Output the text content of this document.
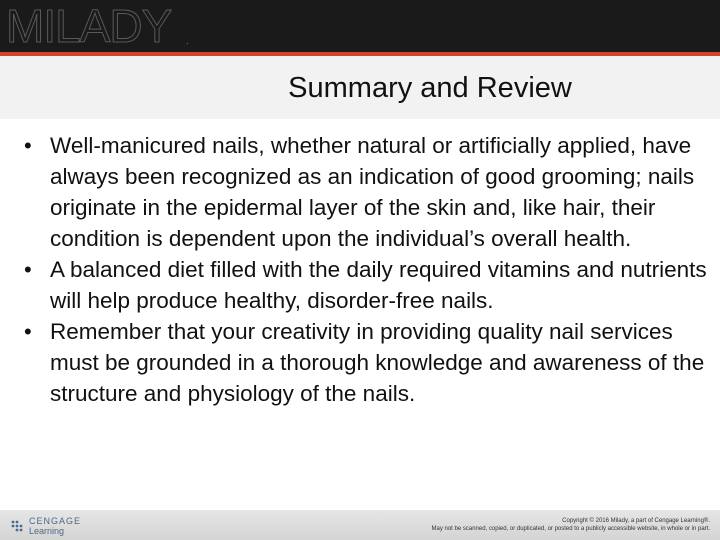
MILADY .
Summary and Review
• Well-manicured nails, whether natural or artificially applied, have always been recognized as an indication of good grooming; nails originate in the epidermal layer of the skin and, like hair, their condition is dependent upon the individual’s overall health.
• A balanced diet filled with the daily required vitamins and nutrients will help produce healthy, disorder-free nails.
• Remember that your creativity in providing quality nail services must be grounded in a thorough knowledge and awareness of the structure and physiology of the nails.
CENGAGE
Learning
Copyright © 2016 Milady, a part of Cengage Learning®.
May not be scanned, copied, or duplicated, or posted to a publicly accessible website, in whole or in part.
